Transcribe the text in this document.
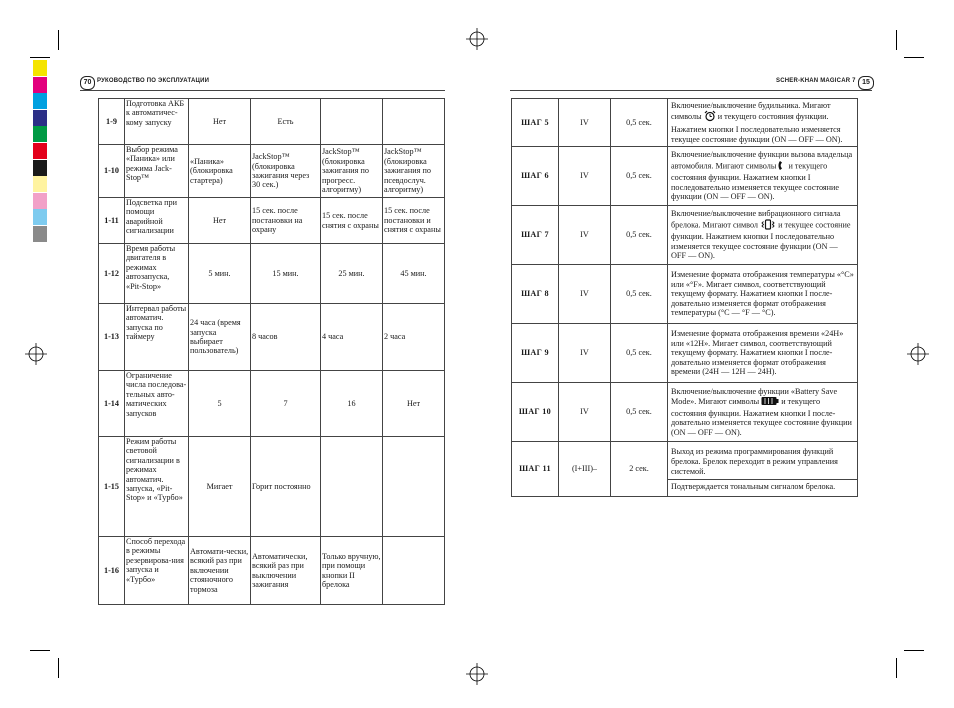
70 РУКОВОДСТВО ПО ЭКСПЛУАТАЦИИ	SCHER-KHAN MAGICAR 7 15
1-9	Подготовка АКБ к автоматичес-кому запуску	Нет	Есть		
1-10	Выбор режима «Паника» или режима Jack-Stop™	«Паника» (блокировка стартера)	JackStop™ (блокировка зажигания через 30 сек.)	JackStop™ (блокировка зажигания по прогресс. алгоритму)	JackStop™ (блокировка зажигания по псевдослуч. алгоритму)
1-11	Подсветка при помощи аварийной сигнализации	Нет	15 сек. после постановки на охрану	15 сек. после снятия с охраны	15 сек. после постановки и снятия с охраны
1-12	Время работы двигателя в режимах автозапуска, «Pit-Stop»	5 мин.	15 мин.	25 мин.	45 мин.
1-13	Интервал работы автоматич. запуска по таймеру	24 часа (время запуска выбирает пользователь)	8 часов	4 часа	2 часа
1-14	Ограничение числа последова-тельных авто-матических запусков	5	7	16	Нет
1-15	Режим работы световой сигнализации в режимах автоматич. запуска, «Pit-Stop» и «Турбо»	Мигает	Горит постоянно		
1-16	Способ перехода в режимы резервирова-ния запуска и «Турбо»	Автомати-чески, всякий раз при включении стояночного тормоза	Автоматически, всякий раз при выключении зажигания	Только вручную, при помощи кнопки II брелока	
ШАГ 5	IV	0,5 сек.	Включение/выключение будильника. Мигают символы и текущего состояния функции. Нажатием кнопки I последовательно изменяется текущее состояние функции (ON — OFF — ON).
ШАГ 6	IV	0,5 сек.	Включение/выключение функции вызова владельца автомобиля. Мигают символы и текущего состояния функции. Нажатием кнопки I последовательно изменяется текущее состояние функции (ON — OFF — ON).
ШАГ 7	IV	0,5 сек.	Включение/выключение вибрационного сигнала брелока. Мигают символ и текущее состояние функции. Нажатием кнопки I последовательно изменяется текущее состояние функции (ON — OFF — ON).
ШАГ 8	IV	0,5 сек.	Изменение формата отображения температуры «°C» или «°F». Мигает символ, соответствующий текущему формату. Нажатием кнопки I после-довательно изменяется формат отображения температуры (°C — °F — °C).
ШАГ 9	IV	0,5 сек.	Изменение формата отображения времени «24H» или «12H». Мигает символ, соответствующий текущему формату. Нажатием кнопки I после-довательно изменяется формат отображения времени (24H — 12H — 24H).
ШАГ 10	IV	0,5 сек.	Включение/выключение функции «Battery Save Mode». Мигают символы и текущего состояния функции. Нажатием кнопки I после-довательно изменяется текущее состояние функции (ON — OFF — ON).
ШАГ 11	(I+III)–	2 сек.	Выход из режима программирования функций брелока. Брелок переходит в режим управления системой.
Подтверждается тональным сигналом брелока.
